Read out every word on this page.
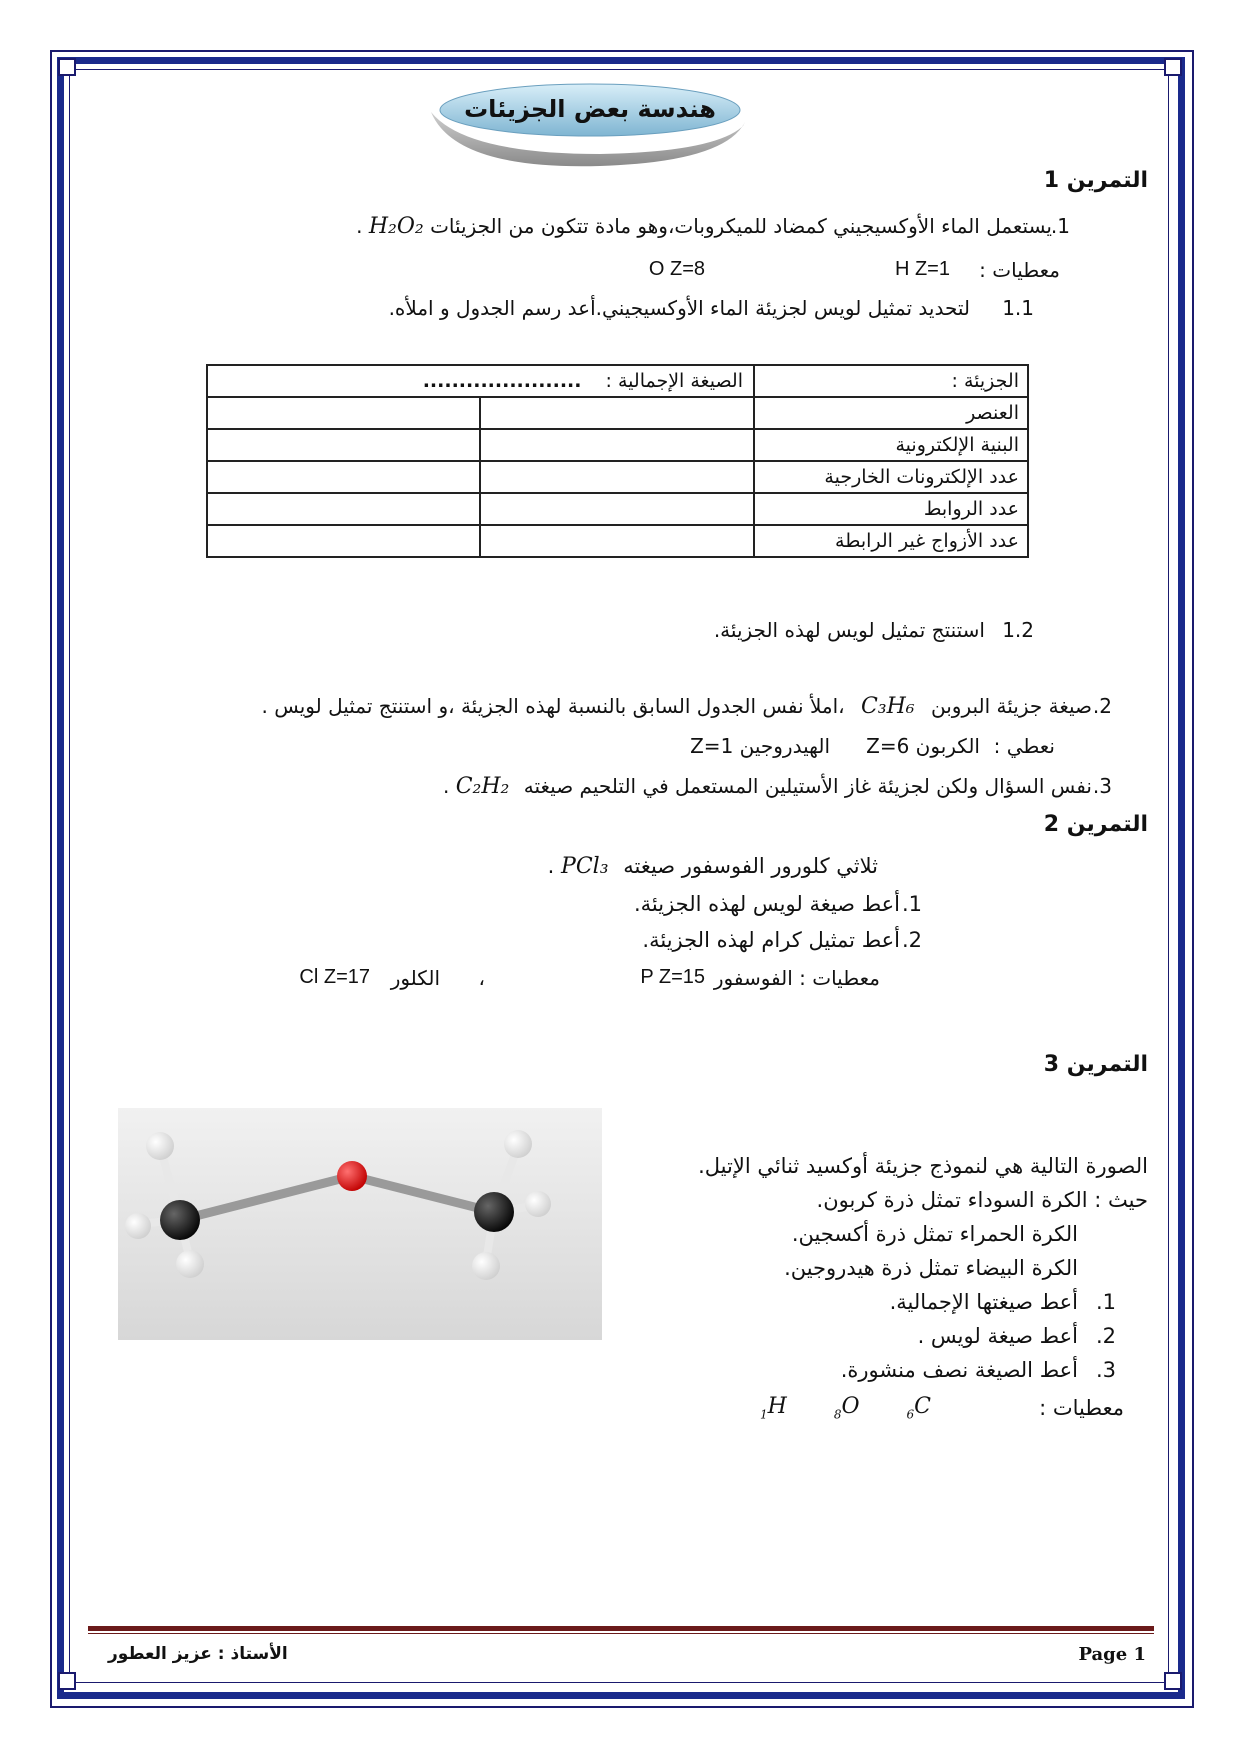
هندسة بعض الجزيئات
التمرين 1
1.
يستعمل الماء الأوكسيجيني كمضاد للميكروبات،وهو مادة تتكون من الجزيئات H₂O₂ .
معطيات :
H Z=1
O Z=8
1.1
لتحديد تمثيل لويس لجزيئة الماء الأوكسيجيني.أعد رسم الجدول و املأه.
الجزيئة :	الصيغة الإجمالية : ......................	
العنصر		
البنية الإلكترونية		
عدد الإلكترونات الخارجية		
عدد الروابط		
عدد الأزواج غير الرابطة		
1.2
استنتج تمثيل لويس لهذه الجزيئة.
2.
صيغة جزيئة البروبن C₃H₆ ،املأ نفس الجدول السابق بالنسبة لهذه الجزيئة ،و استنتج تمثيل لويس .
نعطي :
الكربون Z=6
الهيدروجين Z=1
3.
نفس السؤال ولكن لجزيئة غاز الأستيلين المستعمل في التلحيم صيغته C₂H₂ .
التمرين 2
ثلاثي كلورور الفوسفور صيغته PCl₃ .
1.
أعط صيغة لويس لهذه الجزيئة.
2.
أعط تمثيل كرام لهذه الجزيئة.
معطيات : الفوسفور
P Z=15
،
الكلور
Cl Z=17
التمرين 3
الصورة التالية هي لنموذج جزيئة أوكسيد ثنائي الإتيل.
حيث : الكرة السوداء تمثل ذرة كربون.
الكرة الحمراء تمثل ذرة أكسجين.
الكرة البيضاء تمثل ذرة هيدروجين.
1.
أعط صيغتها الإجمالية.
2.
أعط صيغة لويس .
3.
أعط الصيغة نصف منشورة.
معطيات :
$_1$H	$_8$O	$_6$C
الأستاذ : عزيز العطور	Page 1
